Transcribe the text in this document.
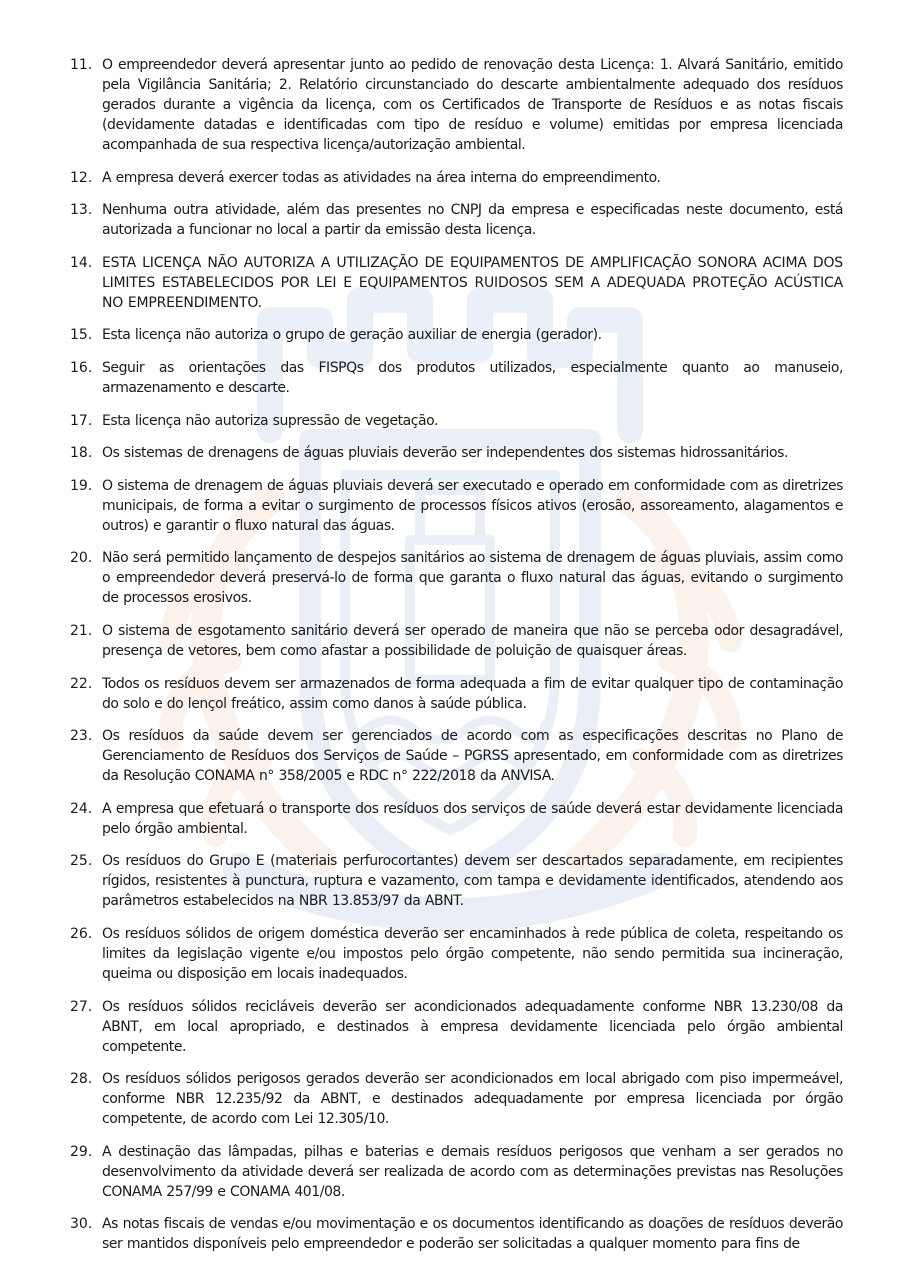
11. O empreendedor deverá apresentar junto ao pedido de renovação desta Licença: 1. Alvará Sanitário, emitido pela Vigilância Sanitária; 2. Relatório circunstanciado do descarte ambientalmente adequado dos resíduos gerados durante a vigência da licença, com os Certificados de Transporte de Resíduos e as notas fiscais (devidamente datadas e identificadas com tipo de resíduo e volume) emitidas por empresa licenciada acompanhada de sua respectiva licença/autorização ambiental.
12. A empresa deverá exercer todas as atividades na área interna do empreendimento.
13. Nenhuma outra atividade, além das presentes no CNPJ da empresa e especificadas neste documento, está autorizada a funcionar no local a partir da emissão desta licença.
14. ESTA LICENÇA NÃO AUTORIZA A UTILIZAÇÃO DE EQUIPAMENTOS DE AMPLIFICAÇÃO SONORA ACIMA DOS LIMITES ESTABELECIDOS POR LEI E EQUIPAMENTOS RUIDOSOS SEM A ADEQUADA PROTEÇÃO ACÚSTICA NO EMPREENDIMENTO.
15. Esta licença não autoriza o grupo de geração auxiliar de energia (gerador).
16. Seguir as orientações das FISPQs dos produtos utilizados, especialmente quanto ao manuseio, armazenamento e descarte.
17. Esta licença não autoriza supressão de vegetação.
18. Os sistemas de drenagens de águas pluviais deverão ser independentes dos sistemas hidrossanitários.
19. O sistema de drenagem de águas pluviais deverá ser executado e operado em conformidade com as diretrizes municipais, de forma a evitar o surgimento de processos físicos ativos (erosão, assoreamento, alagamentos e outros) e garantir o fluxo natural das águas.
20. Não será permitido lançamento de despejos sanitários ao sistema de drenagem de águas pluviais, assim como o empreendedor deverá preservá-lo de forma que garanta o fluxo natural das águas, evitando o surgimento de processos erosivos.
21. O sistema de esgotamento sanitário deverá ser operado de maneira que não se perceba odor desagradável, presença de vetores, bem como afastar a possibilidade de poluição de quaisquer áreas.
22. Todos os resíduos devem ser armazenados de forma adequada a fim de evitar qualquer tipo de contaminação do solo e do lençol freático, assim como danos à saúde pública.
23. Os resíduos da saúde devem ser gerenciados de acordo com as especificações descritas no Plano de Gerenciamento de Resíduos dos Serviços de Saúde – PGRSS apresentado, em conformidade com as diretrizes da Resolução CONAMA n° 358/2005 e RDC n° 222/2018 da ANVISA.
24. A empresa que efetuará o transporte dos resíduos dos serviços de saúde deverá estar devidamente licenciada pelo órgão ambiental.
25. Os resíduos do Grupo E (materiais perfurocortantes) devem ser descartados separadamente, em recipientes rígidos, resistentes à punctura, ruptura e vazamento, com tampa e devidamente identificados, atendendo aos parâmetros estabelecidos na NBR 13.853/97 da ABNT.
26. Os resíduos sólidos de origem doméstica deverão ser encaminhados à rede pública de coleta, respeitando os limites da legislação vigente e/ou impostos pelo órgão competente, não sendo permitida sua incineração, queima ou disposição em locais inadequados.
27. Os resíduos sólidos recicláveis deverão ser acondicionados adequadamente conforme NBR 13.230/08 da ABNT, em local apropriado, e destinados à empresa devidamente licenciada pelo órgão ambiental competente.
28. Os resíduos sólidos perigosos gerados deverão ser acondicionados em local abrigado com piso impermeável, conforme NBR 12.235/92 da ABNT, e destinados adequadamente por empresa licenciada por órgão competente, de acordo com Lei 12.305/10.
29. A destinação das lâmpadas, pilhas e baterias e demais resíduos perigosos que venham a ser gerados no desenvolvimento da atividade deverá ser realizada de acordo com as determinações previstas nas Resoluções CONAMA 257/99 e CONAMA 401/08.
30. As notas fiscais de vendas e/ou movimentação e os documentos identificando as doações de resíduos deverão ser mantidos disponíveis pelo empreendedor e poderão ser solicitadas a qualquer momento para fins de
